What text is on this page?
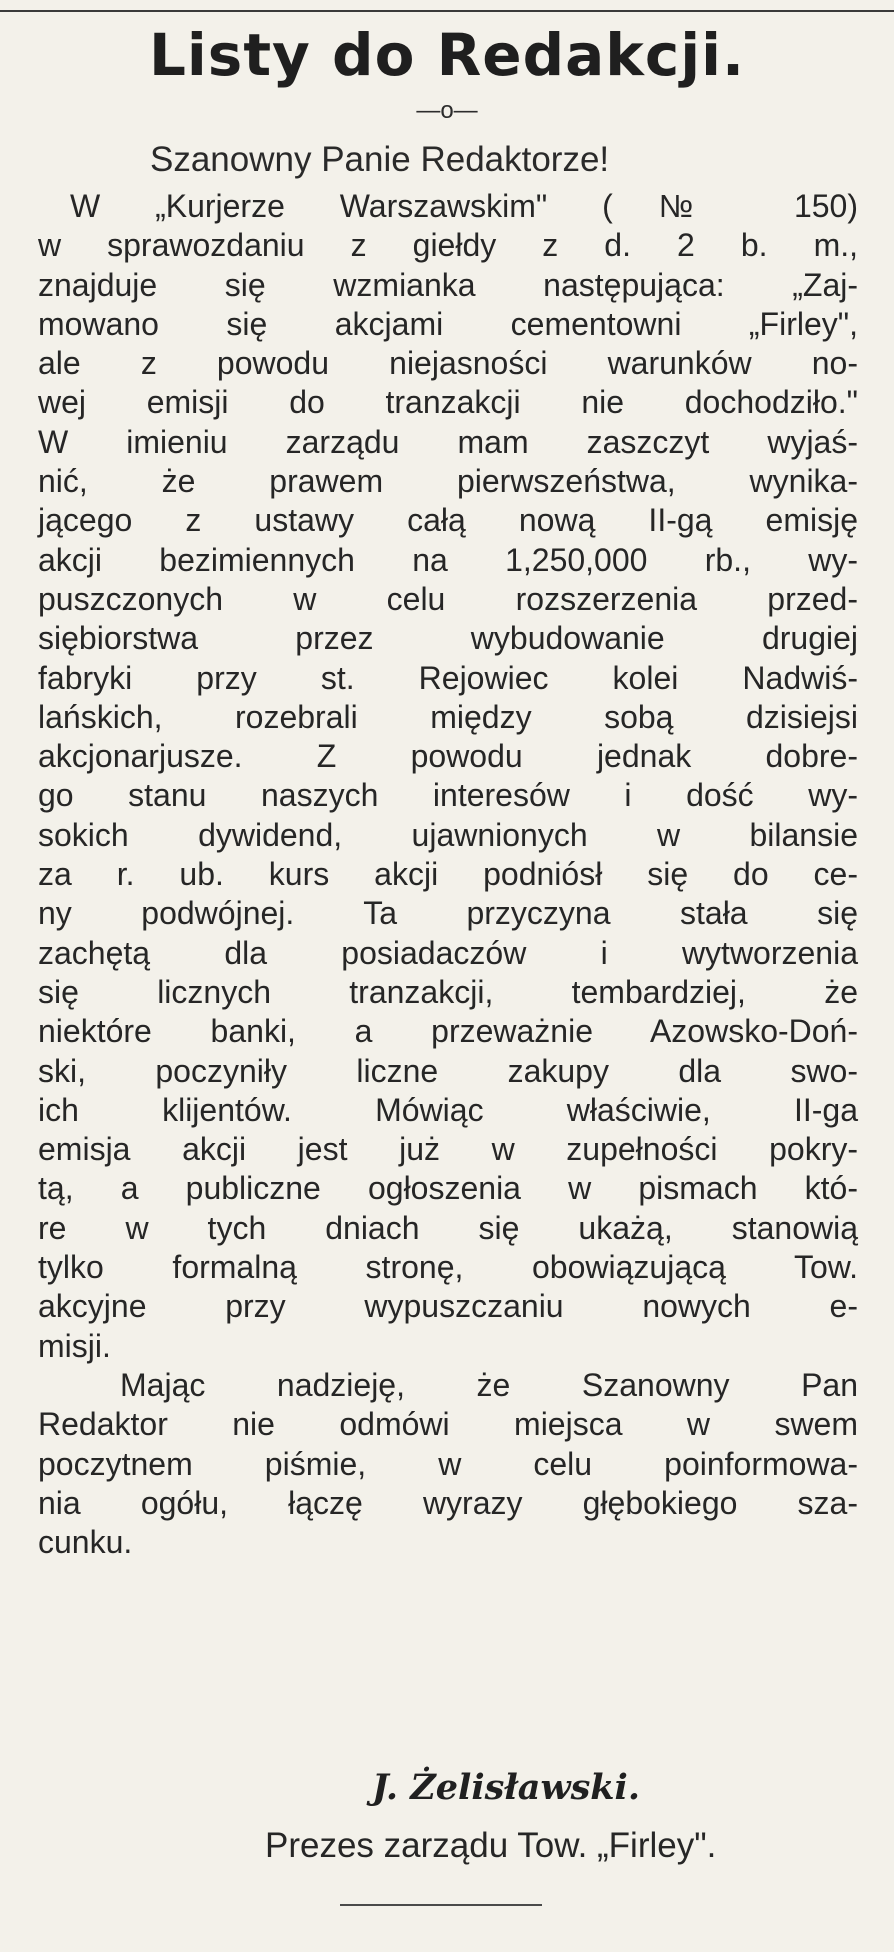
Listy do Redakcji.
—o—
Szanowny Panie Redaktorze!
W „Kurjerze Warszawskim" (№ 150)
w sprawozdaniu z giełdy z d. 2 b. m.,
znajduje się wzmianka następująca: „Zaj-
mowano się akcjami cementowni „Firley",
ale z powodu niejasności warunków no-
wej emisji do tranzakcji nie dochodziło."
W imieniu zarządu mam zaszczyt wyjaś-
nić, że prawem pierwszeństwa, wynika-
jącego z ustawy całą nową II-gą emisję
akcji bezimiennych na 1,250,000 rb., wy-
puszczonych w celu rozszerzenia przed-
siębiorstwa przez wybudowanie drugiej
fabryki przy st. Rejowiec kolei Nadwiś-
lańskich, rozebrali między sobą dzisiejsi
akcjonarjusze. Z powodu jednak dobre-
go stanu naszych interesów i dość wy-
sokich dywidend, ujawnionych w bilansie
za r. ub. kurs akcji podniósł się do ce-
ny podwójnej. Ta przyczyna stała się
zachętą dla posiadaczów i wytworzenia
się licznych tranzakcji, tembardziej, że
niektóre banki, a przeważnie Azowsko-Doń-
ski, poczyniły liczne zakupy dla swo-
ich klijentów. Mówiąc właściwie, II-ga
emisja akcji jest już w zupełności pokry-
tą, a publiczne ogłoszenia w pismach któ-
re w tych dniach się ukażą, stanowią
tylko formalną stronę, obowiązującą Tow.
akcyjne przy wypuszczaniu nowych e-
misji.
Mając nadzieję, że Szanowny Pan
Redaktor nie odmówi miejsca w swem
poczytnem piśmie, w celu poinformowa-
nia ogółu, łączę wyrazy głębokiego sza-
cunku.
J. Żelisławski.
Prezes zarządu Tow. „Firley".
